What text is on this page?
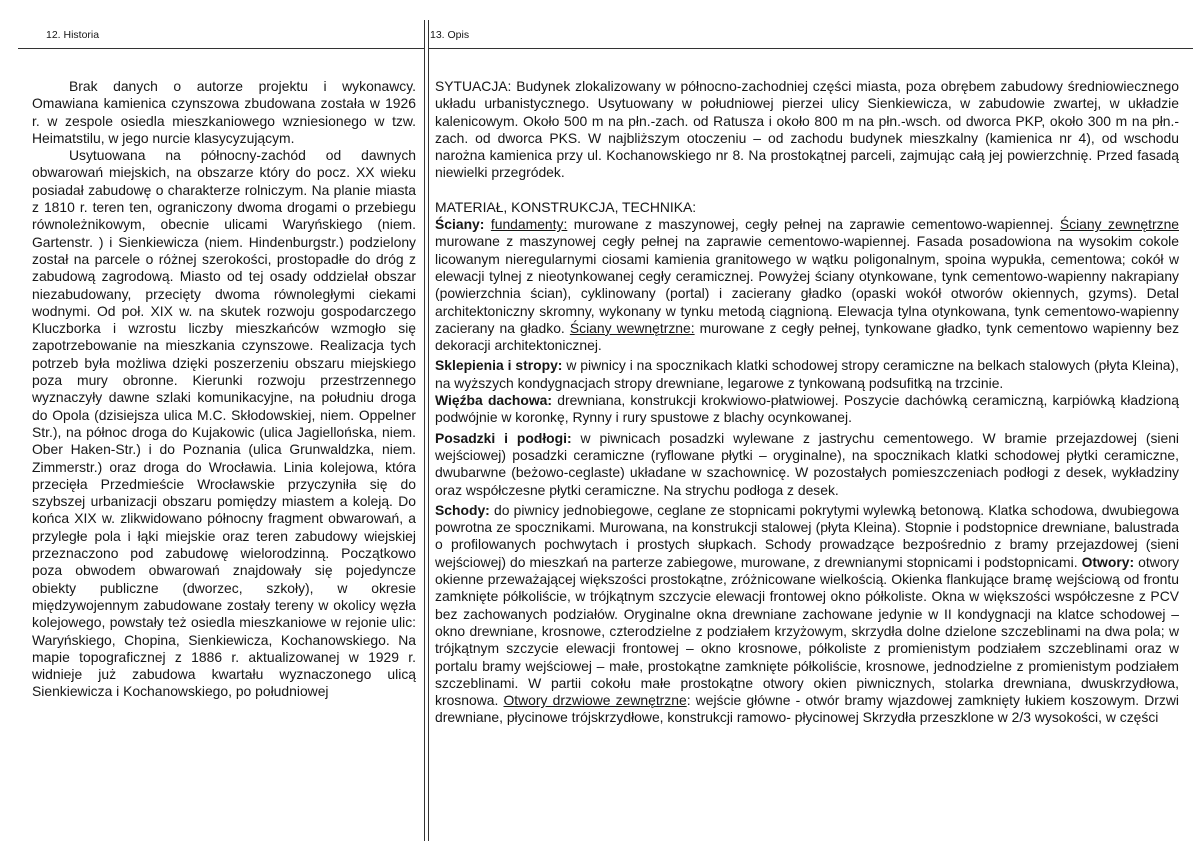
12. Historia	13. Opis

Brak danych o autorze projektu i wykonawcy. Omawiana kamienica czynszowa zbudowana została w 1926 r. w zespole osiedla mieszkaniowego wzniesionego w tzw. Heimatstilu, w jego nurcie klasycyzującym.

Usytuowana na północny-zachód od dawnych obwarowań miejskich, na obszarze który do pocz. XX wieku posiadał zabudowę o charakterze rolniczym. Na planie miasta z 1810 r. teren ten, ograniczony dwoma drogami o przebiegu równoleżnikowym, obecnie ulicami Waryńskiego (niem. Gartenstr. ) i Sienkiewicza (niem. Hindenburgstr.) podzielony został na parcele o różnej szerokości, prostopadłe do dróg z zabudową zagrodową. Miasto od tej osady oddzielał obszar niezabudowany, przecięty dwoma równoległymi ciekami wodnymi. Od poł. XIX w. na skutek rozwoju gospodarczego Kluczborka i wzrostu liczby mieszkańców wzmogło się zapotrzebowanie na mieszkania czynszowe. Realizacja tych potrzeb była możliwa dzięki poszerzeniu obszaru miejskiego poza mury obronne. Kierunki rozwoju przestrzennego wyznaczyły dawne szlaki komunikacyjne, na południu droga do Opola (dzisiejsza ulica M.C. Skłodowskiej, niem. Oppelner Str.), na północ droga do Kujakowic (ulica Jagiellońska, niem. Ober Haken-Str.) i do Poznania (ulica Grunwaldzka, niem. Zimmerstr.) oraz droga do Wrocławia. Linia kolejowa, która przecięła Przedmieście Wrocławskie przyczyniła się do szybszej urbanizacji obszaru pomiędzy miastem a koleją. Do końca XIX w. zlikwidowano północny fragment obwarowań, a przyległe pola i łąki miejskie oraz teren zabudowy wiejskiej przeznaczono pod zabudowę wielorodzinną. Początkowo poza obwodem obwarowań znajdowały się pojedyncze obiekty publiczne (dworzec, szkoły), w okresie międzywojennym zabudowane zostały tereny w okolicy węzła kolejowego, powstały też osiedla mieszkaniowe w rejonie ulic: Waryńskiego, Chopina, Sienkiewicza, Kochanowskiego. Na mapie topograficznej z 1886 r. aktualizowanej w 1929 r. widnieje już zabudowa kwartału wyznaczonego ulicą Sienkiewicza i Kochanowskiego, po południowej

SYTUACJA: Budynek zlokalizowany w północno-zachodniej części miasta, poza obrębem zabudowy średniowiecznego układu urbanistycznego. Usytuowany w południowej pierzei ulicy Sienkiewicza, w zabudowie zwartej, w układzie kalenicowym. Około 500 m na płn.-zach. od Ratusza i około 800 m na płn.-wsch. od dworca PKP, około 300 m na płn.-zach. od dworca PKS. W najbliższym otoczeniu – od zachodu budynek mieszkalny (kamienica nr 4), od wschodu narożna kamienica przy ul. Kochanowskiego nr 8. Na prostokątnej parceli, zajmując całą jej powierzchnię. Przed fasadą niewielki przegródek.

MATERIAŁ, KONSTRUKCJA, TECHNIKA:

Ściany: fundamenty: murowane z maszynowej, cegły pełnej na zaprawie cementowo-wapiennej. Ściany zewnętrzne murowane z maszynowej cegły pełnej na zaprawie cementowo-wapiennej. Fasada posadowiona na wysokim cokole licowanym nieregularnymi ciosami kamienia granitowego w wątku poligonalnym, spoina wypukła, cementowa; cokół w elewacji tylnej z nieotynkowanej cegły ceramicznej. Powyżej ściany otynkowane, tynk cementowo-wapienny nakrapiany (powierzchnia ścian), cyklinowany (portal) i zacierany gładko (opaski wokół otworów okiennych, gzyms). Detal architektoniczny skromny, wykonany w tynku metodą ciągnioną. Elewacja tylna otynkowana, tynk cementowo-wapienny zacierany na gładko. Ściany wewnętrzne: murowane z cegły pełnej, tynkowane gładko, tynk cementowo wapienny bez dekoracji architektonicznej.

Sklepienia i stropy: w piwnicy i na spocznikach klatki schodowej stropy ceramiczne na belkach stalowych (płyta Kleina), na wyższych kondygnacjach stropy drewniane, legarowe z tynkowaną podsufitką na trzcinie.

Więźba dachowa: drewniana, konstrukcji krokwiowo-płatwiowej. Poszycie dachówką ceramiczną, karpiówką kładzioną podwójnie w koronkę, Rynny i rury spustowe z blachy ocynkowanej.

Posadzki i podłogi: w piwnicach posadzki wylewane z jastrychu cementowego. W bramie przejazdowej (sieni wejściowej) posadzki ceramiczne (ryflowane płytki – oryginalne), na spocznikach klatki schodowej płytki ceramiczne, dwubarwne (beżowo-ceglaste) układane w szachownicę. W pozostałych pomieszczeniach podłogi z desek, wykładziny oraz współczesne płytki ceramiczne. Na strychu podłoga z desek.

Schody: do piwnicy jednobiegowe, ceglane ze stopnicami pokrytymi wylewką betonową. Klatka schodowa, dwubiegowa powrotna ze spocznikami. Murowana, na konstrukcji stalowej (płyta Kleina). Stopnie i podstopnice drewniane, balustrada o profilowanych pochwytach i prostych słupkach. Schody prowadzące bezpośrednio z bramy przejazdowej (sieni wejściowej) do mieszkań na parterze zabiegowe, murowane, z drewnianymi stopnicami i podstopnicami. Otwory: otwory okienne przeważającej większości prostokątne, zróżnicowane wielkością. Okienka flankujące bramę wejściową od frontu zamknięte półkoliście, w trójkątnym szczycie elewacji frontowej okno półkoliste. Okna w większości współczesne z PCV bez zachowanych podziałów. Oryginalne okna drewniane zachowane jedynie w II kondygnacji na klatce schodowej – okno drewniane, krosnowe, czterodzielne z podziałem krzyżowym, skrzydła dolne dzielone szczeblinami na dwa pola; w trójkątnym szczycie elewacji frontowej – okno krosnowe, półkoliste z promienistym podziałem szczeblinami oraz w portalu bramy wejściowej – małe, prostokątne zamknięte półkoliście, krosnowe, jednodzielne z promienistym podziałem szczeblinami. W partii cokołu małe prostokątne otwory okien piwnicznych, stolarka drewniana, dwuskrzydłowa, krosnowa. Otwory drzwiowe zewnętrzne: wejście główne - otwór bramy wjazdowej zamknięty łukiem koszowym. Drzwi drewniane, płycinowe trójskrzydłowe, konstrukcji ramowo- płycinowej Skrzydła przeszklone w 2/3 wysokości, w części
